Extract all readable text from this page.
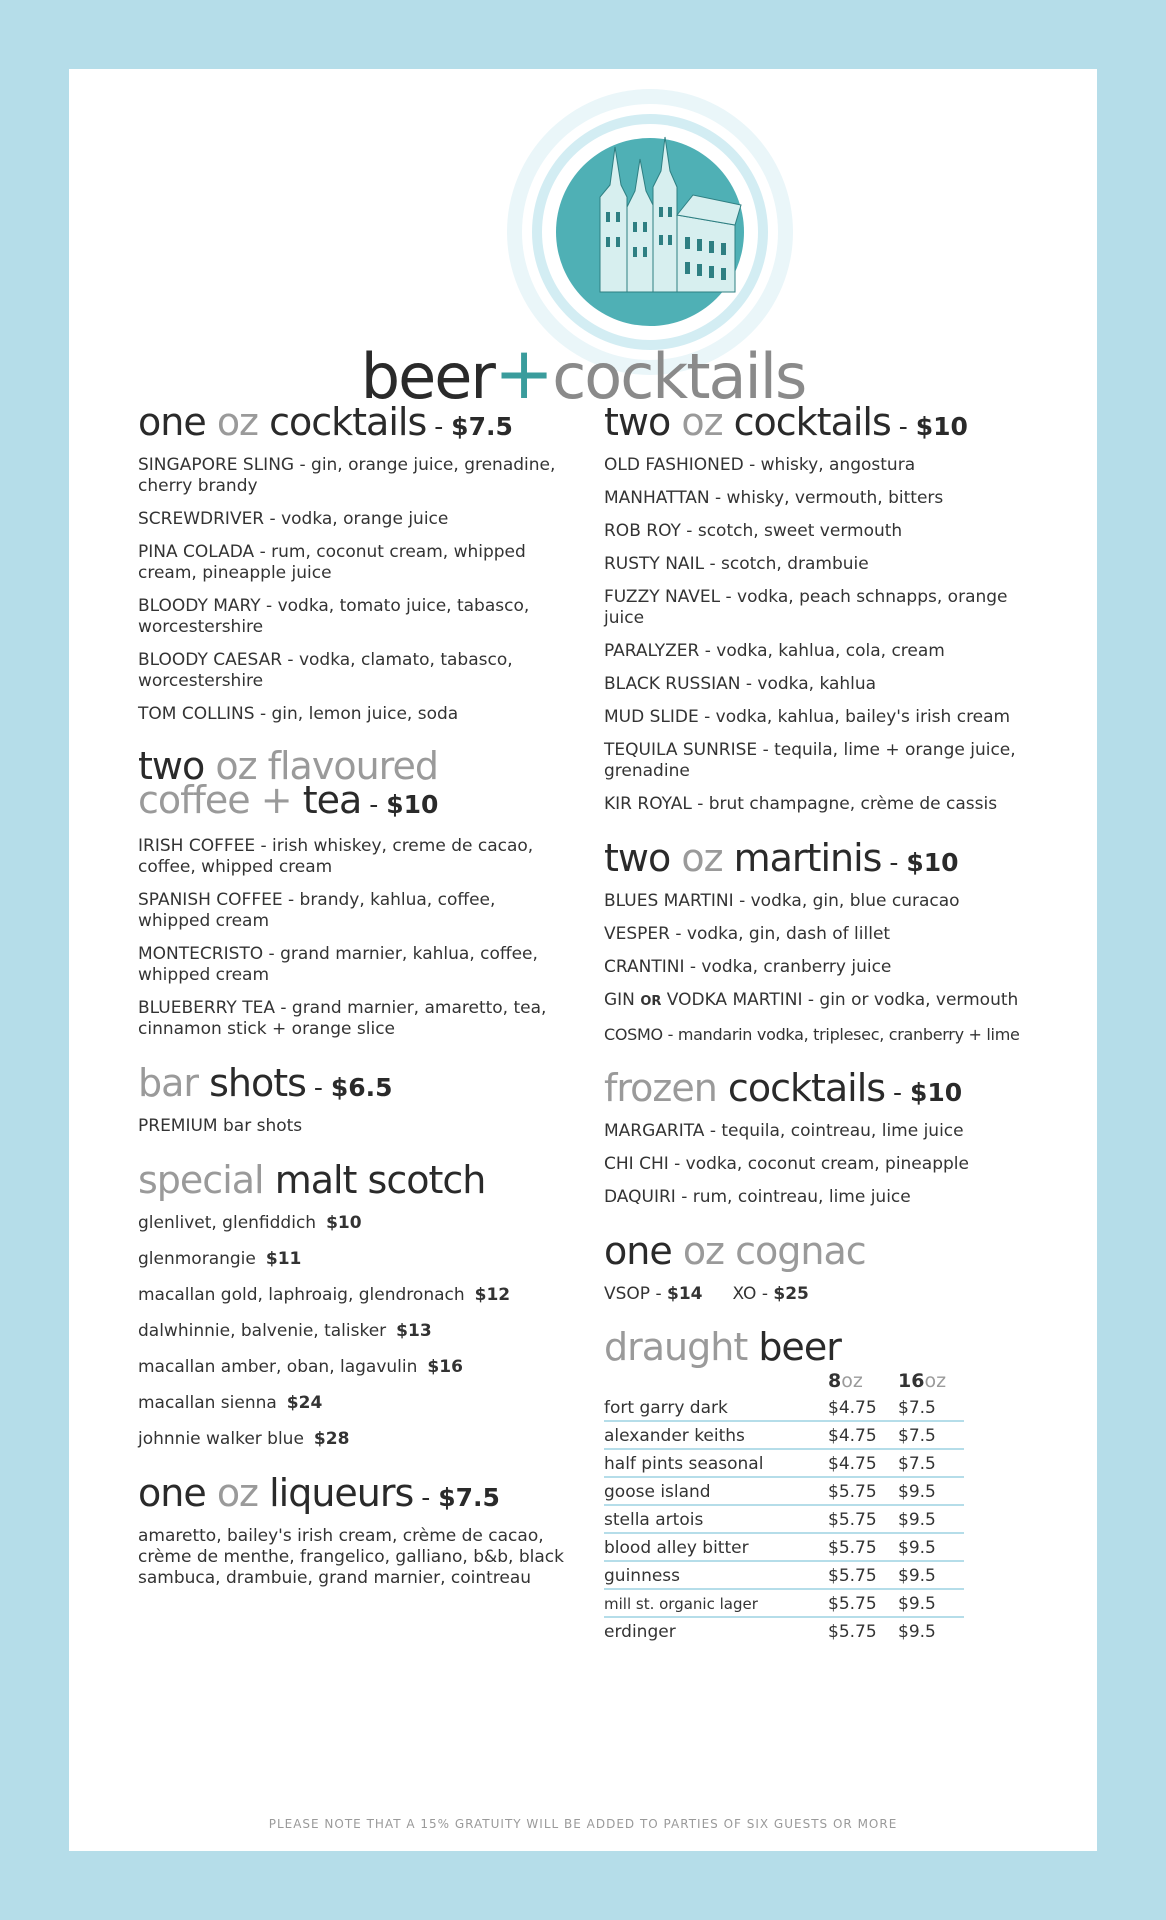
beer+cocktails
one oz cocktails - $7.5
SINGAPORE SLING - gin, orange juice, grenadine, cherry brandy
SCREWDRIVER - vodka, orange juice
PINA COLADA - rum, coconut cream, whipped cream, pineapple juice
BLOODY MARY - vodka, tomato juice, tabasco, worcestershire
BLOODY CAESAR - vodka, clamato, tabasco, worcestershire
TOM COLLINS - gin, lemon juice, soda
two oz flavoured
coffee + tea - $10
IRISH COFFEE - irish whiskey, creme de cacao, coffee, whipped cream
SPANISH COFFEE - brandy, kahlua, coffee, whipped cream
MONTECRISTO - grand marnier, kahlua, coffee, whipped cream
BLUEBERRY TEA - grand marnier, amaretto, tea, cinnamon stick + orange slice
bar shots - $6.5
PREMIUM bar shots
special malt scotch
glenlivet, glenfiddich $10
glenmorangie $11
macallan gold, laphroaig, glendronach $12
dalwhinnie, balvenie, talisker $13
macallan amber, oban, lagavulin $16
macallan sienna $24
johnnie walker blue $28
one oz liqueurs - $7.5
amaretto, bailey's irish cream, crème de cacao, crème de menthe, frangelico, galliano, b&b, black sambuca, drambuie, grand marnier, cointreau
two oz cocktails - $10
OLD FASHIONED - whisky, angostura
MANHATTAN - whisky, vermouth, bitters
ROB ROY - scotch, sweet vermouth
RUSTY NAIL - scotch, drambuie
FUZZY NAVEL - vodka, peach schnapps, orange juice
PARALYZER - vodka, kahlua, cola, cream
BLACK RUSSIAN - vodka, kahlua
MUD SLIDE - vodka, kahlua, bailey's irish cream
TEQUILA SUNRISE - tequila, lime + orange juice, grenadine
KIR ROYAL - brut champagne, crème de cassis
two oz martinis - $10
BLUES MARTINI - vodka, gin, blue curacao
VESPER - vodka, gin, dash of lillet
CRANTINI - vodka, cranberry juice
GIN OR VODKA MARTINI - gin or vodka, vermouth
COSMO - mandarin vodka, triplesec, cranberry + lime
frozen cocktails - $10
MARGARITA - tequila, cointreau, lime juice
CHI CHI - vodka, coconut cream, pineapple
DAQUIRI - rum, cointreau, lime juice
one oz cognac
VSOP - $14 XO - $25
draught beer
	8oz	16oz
fort garry dark	$4.75	$7.5
alexander keiths	$4.75	$7.5
half pints seasonal	$4.75	$7.5
goose island	$5.75	$9.5
stella artois	$5.75	$9.5
blood alley bitter	$5.75	$9.5
guinness	$5.75	$9.5
mill st. organic lager	$5.75	$9.5
erdinger	$5.75	$9.5
PLEASE NOTE THAT A 15% GRATUITY WILL BE ADDED TO PARTIES OF SIX GUESTS OR MORE
